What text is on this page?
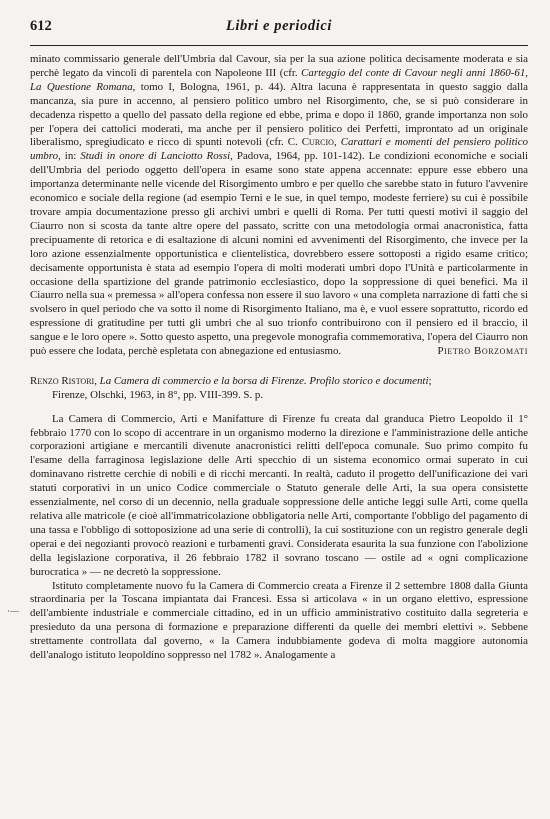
612	Libri e periodici
·—

minato commissario generale dell'Umbria dal Cavour, sia per la sua azione politica decisamente moderata e sia perchè legato da vincoli di parentela con Napoleone III (cfr. Carteggio del conte di Cavour negli anni 1860-61, La Questione Romana, tomo I, Bologna, 1961, p. 44). Altra lacuna è rappresentata in questo saggio dalla mancanza, sia pure in accenno, al pensiero politico umbro nel Risorgimento, che, se si può considerare in decadenza rispetto a quello del passato della regione ed ebbe, prima e dopo il 1860, grande importanza non solo per l'opera dei cattolici moderati, ma anche per il pensiero politico dei Perfetti, improntato ad un originale liberalismo, spregiudicato e ricco di spunti notevoli (cfr. C. Curcio, Carattari e momenti del pensiero politico umbro, in: Studi in onore di Lanciotto Rossi, Padova, 1964, pp. 101-142). Le condizioni economiche e sociali dell'Umbria del periodo oggetto dell'opera in esame sono state appena accennate: eppure esse ebbero una importanza determinante nelle vicende del Risorgimento umbro e per quello che sarebbe stato in futuro l'avvenire economico e sociale della regione (ad esempio Terni e le sue, in quel tempo, modeste ferriere) su cui è possibile trovare ampia documentazione presso gli archivi umbri e quelli di Roma. Per tutti questi motivi il saggio del Ciaurro non si scosta da tante altre opere del passato, scritte con una metodologia ormai anacronistica, fatta precipuamente di retorica e di esaltazione di alcuni nomini ed avvenimenti del Risorgimento, che invece per la loro azione essenzialmente opportunistica e clientelistica, dovrebbero essere sottoposti a rigido esame critico; decisamente opportunista è stata ad esempio l'opera di molti moderati umbri dopo l'Unità e particolarmente in occasione della spartizione del grande patrimonio ecclesiastico, dopo la soppressione di quei benefici. Ma il Ciaurro nella sua « premessa » all'opera confessa non essere il suo lavoro « una completa narrazione di fatti che si svolsero in quel periodo che va sotto il nome di Risorgimento Italiano, ma è, e vuol essere soprattutto, ricordo ed espressione di gratitudine per tutti gli umbri che al suo trionfo contribuirono con il pensiero ed il braccio, il sangue e le loro opere ». Sotto questo aspetto, una pregevole monografia commemorativa, l'opera del Ciaurro non può essere che lodata, perchè espletata con abnegazione ed entusiasmo.	Pietro Borzomati

Renzo Ristori, La Camera di commercio e la borsa di Firenze. Profilo storico e documenti;
Firenze, Olschki, 1963, in 8°, pp. VIII-399. S. p.

La Camera di Commercio, Arti e Manifatture di Firenze fu creata dal granduca Pietro Leopoldo il 1° febbraio 1770 con lo scopo di accentrare in un organismo moderno la direzione e l'amministrazione delle antiche corporazioni artigiane e mercantili divenute anacronistici relitti dell'epoca comunale. Suo primo compito fu l'esame della farraginosa legislazione delle Arti specchio di un sistema economico ormai superato in cui dominavano ristrette cerchie di nobili e di ricchi mercanti. In realtà, caduto il progetto dell'unificazione dei vari statuti corporativi in un unico Codice commerciale o Statuto generale delle Arti, la sua opera consistette essenzialmente, nel corso di un decennio, nella graduale soppressione delle antiche leggi sulle Arti, come quella relativa alle matricole (e cioè all'immatricolazione obbligatoria nelle Arti, comportante l'obbligo del pagamento di una tassa e l'obbligo di sottoposizione ad una serie di controlli), la cui sostituzione con un registro generale degli operai e dei negozianti provocò reazioni e turbamenti gravi. Considerata esaurita la sua funzione con l'abolizione della legislazione corporativa, il 26 febbraio 1782 il sovrano toscano — ostile ad « ogni complicazione burocratica » — ne decretò la soppressione.

Istituto completamente nuovo fu la Camera di Commercio creata a Firenze il 2 settembre 1808 dalla Giunta straordinaria per la Toscana impiantata dai Francesi. Essa si articolava « in un organo elettivo, espressione dell'ambiente industriale e commerciale cittadino, ed in un ufficio amministrativo costituito dalla segreteria e presieduto da una persona di formazione e preparazione differenti da quelle dei membri elettivi ». Sebbene strettamente controllata dal governo, « la Camera indubbiamente godeva di molta maggiore autonomia dell'analogo istituto leopoldino soppresso nel 1782 ». Analogamente a
